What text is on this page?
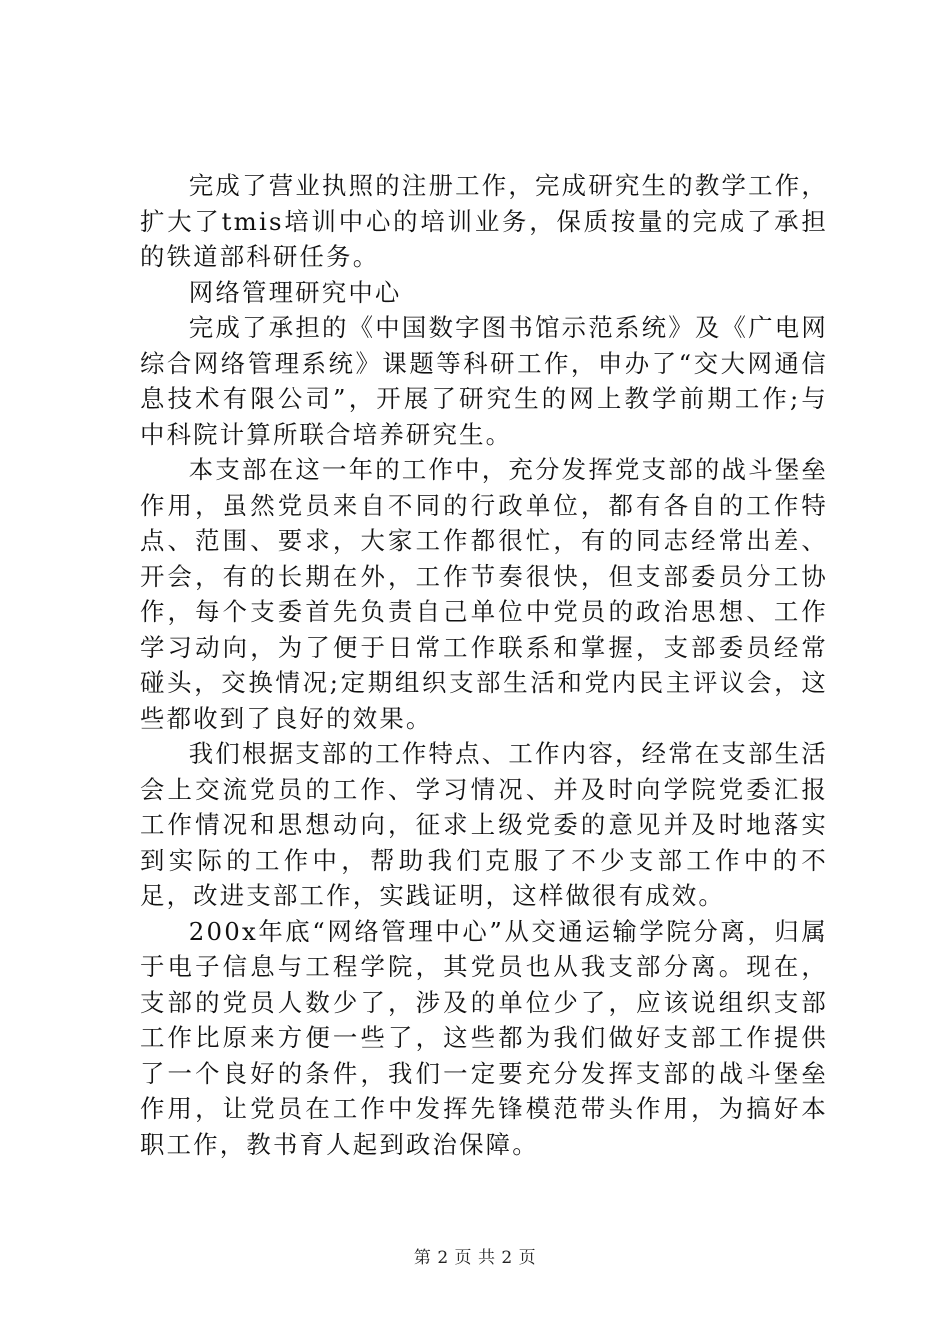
完成了营业执照的注册工作，完成研究生的教学工作，扩大了tmis培训中心的培训业务，保质按量的完成了承担的铁道部科研任务。

网络管理研究中心

完成了承担的《中国数字图书馆示范系统》及《广电网综合网络管理系统》课题等科研工作，申办了“交大网通信息技术有限公司”，开展了研究生的网上教学前期工作;与中科院计算所联合培养研究生。

本支部在这一年的工作中，充分发挥党支部的战斗堡垒作用，虽然党员来自不同的行政单位，都有各自的工作特点、范围、要求，大家工作都很忙，有的同志经常出差、开会，有的长期在外，工作节奏很快，但支部委员分工协作，每个支委首先负责自己单位中党员的政治思想、工作学习动向，为了便于日常工作联系和掌握，支部委员经常碰头，交换情况;定期组织支部生活和党内民主评议会，这些都收到了良好的效果。

我们根据支部的工作特点、工作内容，经常在支部生活会上交流党员的工作、学习情况、并及时向学院党委汇报工作情况和思想动向，征求上级党委的意见并及时地落实到实际的工作中，帮助我们克服了不少支部工作中的不足，改进支部工作，实践证明，这样做很有成效。

200x年底“网络管理中心”从交通运输学院分离，归属于电子信息与工程学院，其党员也从我支部分离。现在，支部的党员人数少了，涉及的单位少了，应该说组织支部工作比原来方便一些了，这些都为我们做好支部工作提供了一个良好的条件，我们一定要充分发挥支部的战斗堡垒作用，让党员在工作中发挥先锋模范带头作用，为搞好本职工作，教书育人起到政治保障。

第 2 页 共 2 页
